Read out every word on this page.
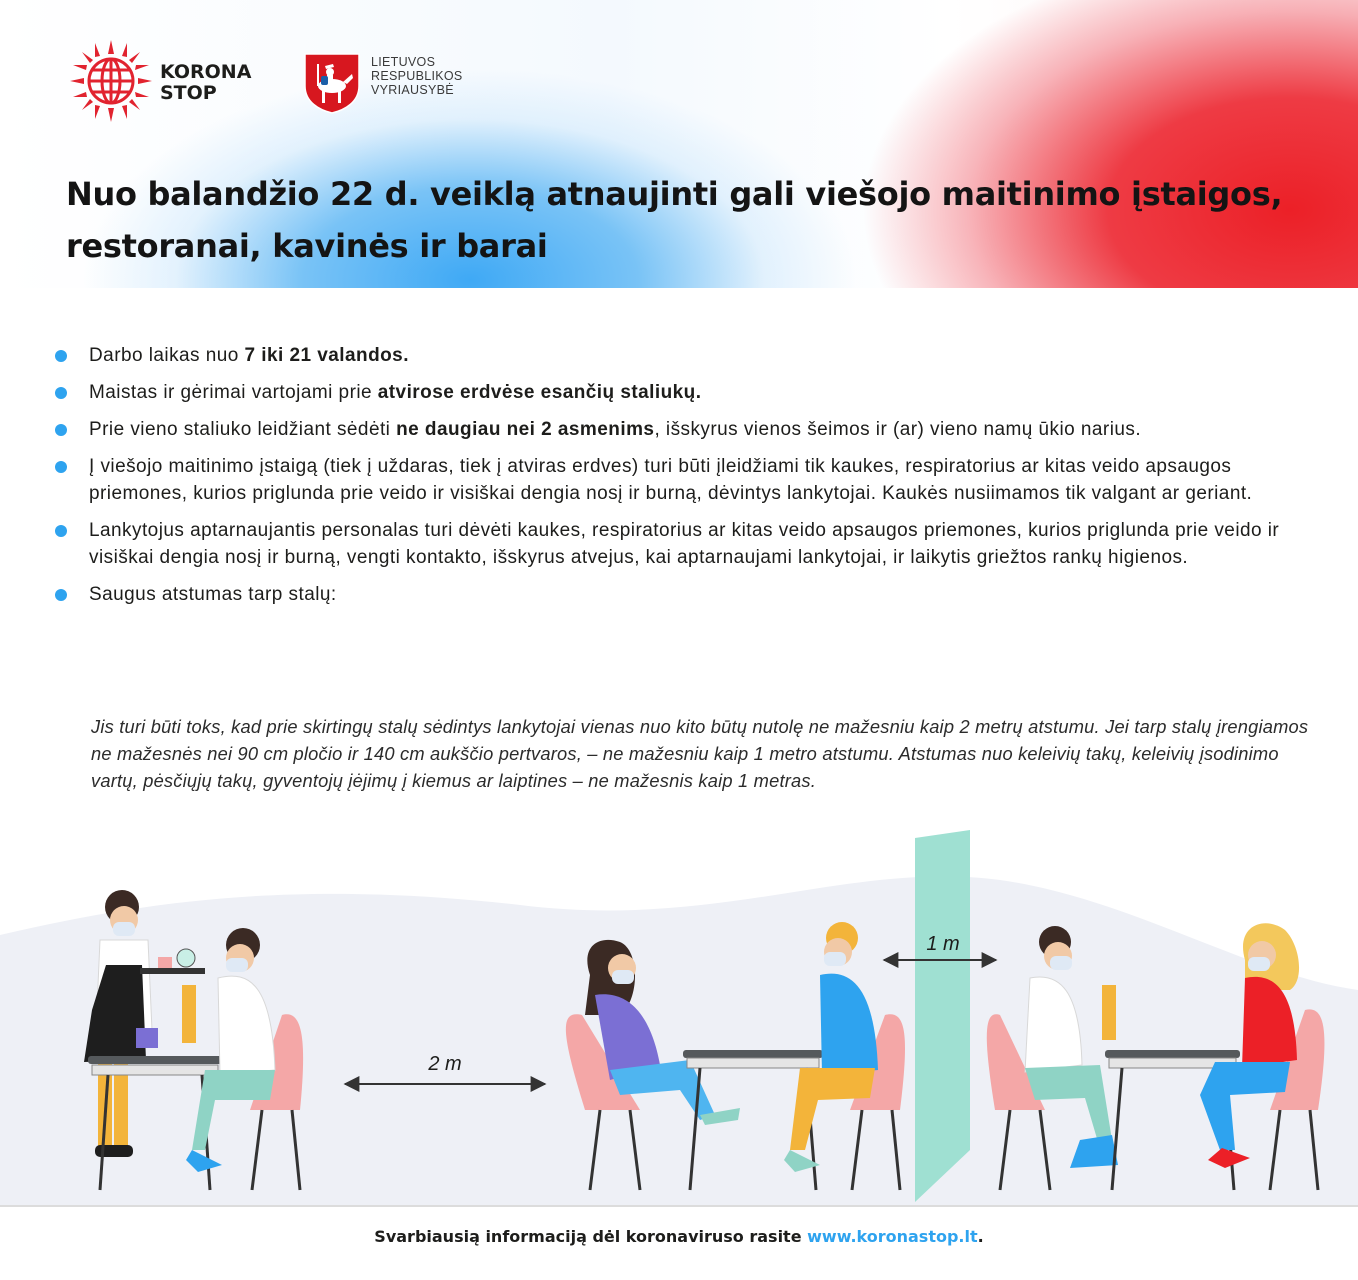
KORONA
STOP
LIETUVOS
RESPUBLIKOS
VYRIAUSYBĖ
Nuo balandžio 22 d. veiklą atnaujinti gali viešojo maitinimo įstaigos, restoranai, kavinės ir barai
Darbo laikas nuo 7 iki 21 valandos.
Maistas ir gėrimai vartojami prie atvirose erdvėse esančių staliukų.
Prie vieno staliuko leidžiant sėdėti ne daugiau nei 2 asmenims, išskyrus vienos šeimos ir (ar) vieno namų ūkio narius.
Į viešojo maitinimo įstaigą (tiek į uždaras, tiek į atviras erdves) turi būti įleidžiami tik kaukes, respiratorius ar kitas veido apsaugos priemones, kurios priglunda prie veido ir visiškai dengia nosį ir burną, dėvintys lankytojai. Kaukės nusiimamos tik valgant ar geriant.
Lankytojus aptarnaujantis personalas turi dėvėti kaukes, respiratorius ar kitas veido apsaugos priemones, kurios priglunda prie veido ir visiškai dengia nosį ir burną, vengti kontakto, išskyrus atvejus, kai aptarnaujami lankytojai, ir laikytis griežtos rankų higienos.
Saugus atstumas tarp stalų:

Jis turi būti toks, kad prie skirtingų stalų sėdintys lankytojai vienas nuo kito būtų nutolę ne mažesniu kaip 2 metrų atstumu. Jei tarp stalų įrengiamos ne mažesnės nei 90 cm pločio ir 140 cm aukščio pertvaros, – ne mažesniu kaip 1 metro atstumu. Atstumas nuo keleivių takų, keleivių įsodinimo vartų, pėsčiųjų takų, gyventojų įėjimų į kiemus ar laiptines – ne mažesnis kaip 1 metras.

2 m
1 m

Svarbiausią informaciją dėl koronaviruso rasite www.koronastop.lt.
